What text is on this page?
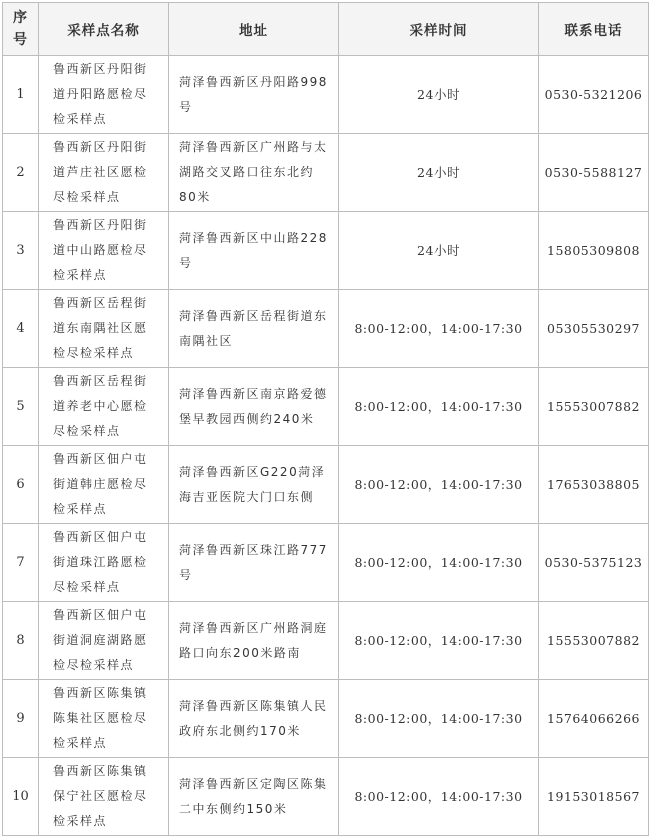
序号	采样点名称	地址	采样时间	联系电话
1	鲁西新区丹阳街道丹阳路愿检尽检采样点	菏泽鲁西新区丹阳路998号	24小时	0530-5321206
2	鲁西新区丹阳街道芦庄社区愿检尽检采样点	菏泽鲁西新区广州路与太湖路交叉路口往东北约80米	24小时	0530-5588127
3	鲁西新区丹阳街道中山路愿检尽检采样点	菏泽鲁西新区中山路228号	24小时	15805309808
4	鲁西新区岳程街道东南隅社区愿检尽检采样点	菏泽鲁西新区岳程街道东南隅社区	8:00-12:00，14:00-17:30	05305530297
5	鲁西新区岳程街道养老中心愿检尽检采样点	菏泽鲁西新区南京路爱德堡早教园西侧约240米	8:00-12:00，14:00-17:30	15553007882
6	鲁西新区佃户屯街道韩庄愿检尽检采样点	菏泽鲁西新区G220菏泽海吉亚医院大门口东侧	8:00-12:00，14:00-17:30	17653038805
7	鲁西新区佃户屯街道珠江路愿检尽检采样点	菏泽鲁西新区珠江路777号	8:00-12:00，14:00-17:30	0530-5375123
8	鲁西新区佃户屯街道洞庭湖路愿检尽检采样点	菏泽鲁西新区广州路洞庭路口向东200米路南	8:00-12:00，14:00-17:30	15553007882
9	鲁西新区陈集镇陈集社区愿检尽检采样点	菏泽鲁西新区陈集镇人民政府东北侧约170米	8:00-12:00，14:00-17:30	15764066266
10	鲁西新区陈集镇保宁社区愿检尽检采样点	菏泽鲁西新区定陶区陈集二中东侧约150米	8:00-12:00，14:00-17:30	19153018567
